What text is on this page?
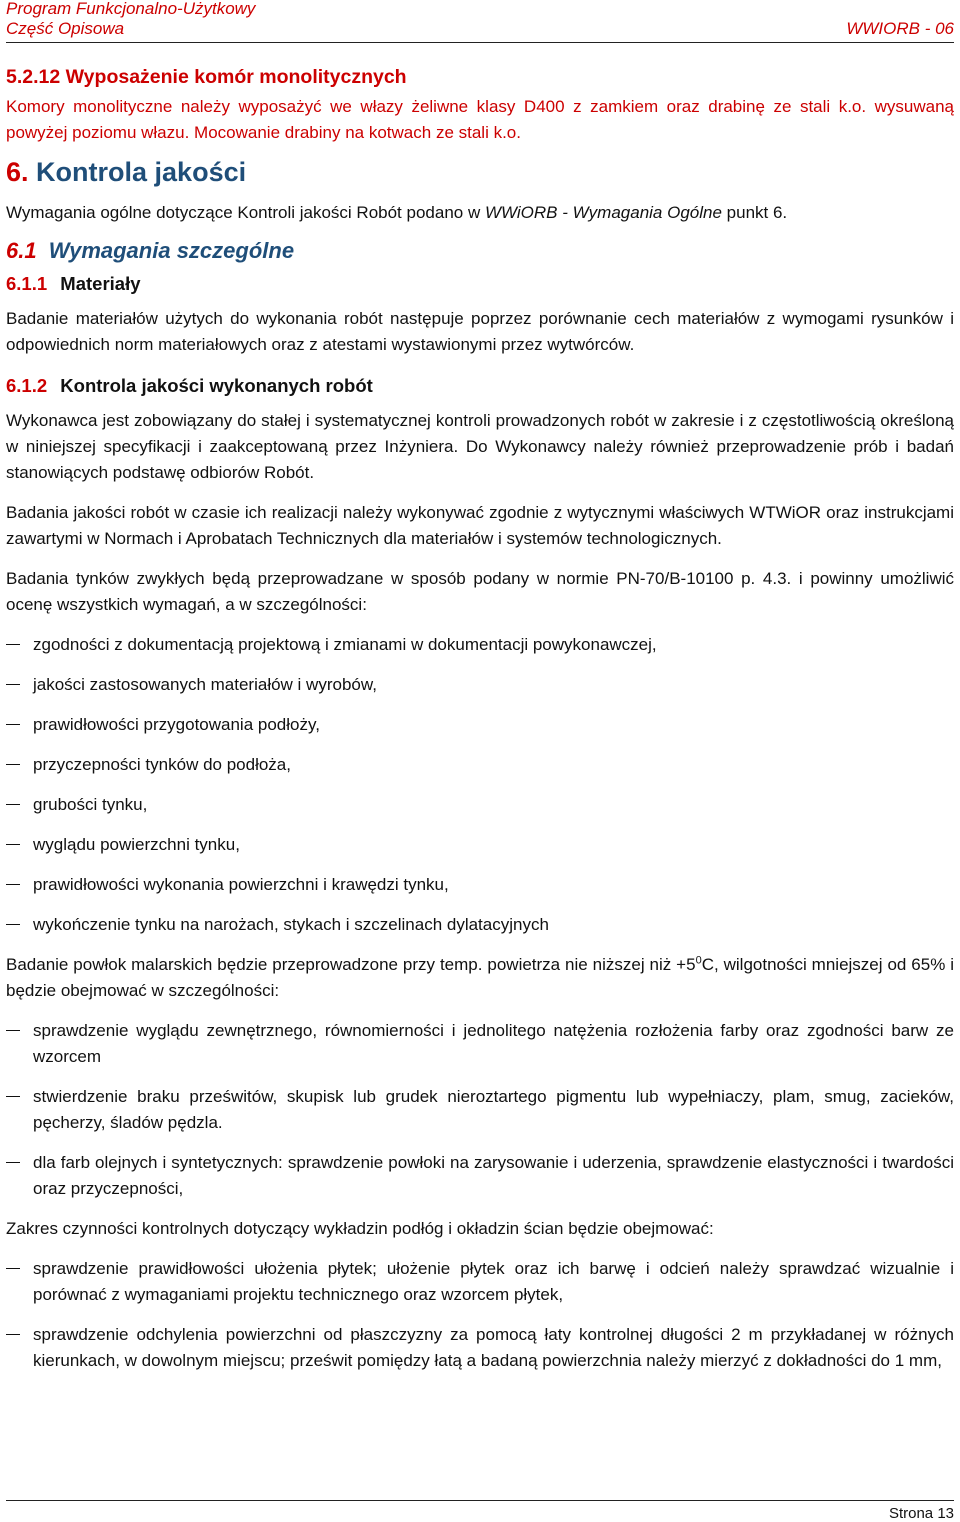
Program Funkcjonalno-Użytkowy
Część Opisowa	WWIORB - 06
5.2.12 Wyposażenie komór monolitycznych

Komory monolityczne należy wyposażyć we włazy żeliwne klasy D400 z zamkiem oraz drabinę ze stali k.o. wysuwaną powyżej poziomu włazu. Mocowanie drabiny na kotwach ze stali k.o.

6. Kontrola jakości

Wymagania ogólne dotyczące Kontroli jakości Robót podano w WWiORB - Wymagania Ogólne punkt 6.

6.1 Wymagania szczególne
6.1.1 Materiały

Badanie materiałów użytych do wykonania robót następuje poprzez porównanie cech materiałów z wymogami rysunków i odpowiednich norm materiałowych oraz z atestami wystawionymi przez wytwórców.

6.1.2 Kontrola jakości wykonanych robót

Wykonawca jest zobowiązany do stałej i systematycznej kontroli prowadzonych robót w zakresie i z częstotliwością określoną w niniejszej specyfikacji i zaakceptowaną przez Inżyniera. Do Wykonawcy należy również przeprowadzenie prób i badań stanowiących podstawę odbiorów Robót.

Badania jakości robót w czasie ich realizacji należy wykonywać zgodnie z wytycznymi właściwych WTWiOR oraz instrukcjami zawartymi w Normach i Aprobatach Technicznych dla materiałów i systemów technologicznych.

Badania tynków zwykłych będą przeprowadzane w sposób podany w normie PN-70/B-10100 p. 4.3. i powinny umożliwić ocenę wszystkich wymagań, a w szczególności:

zgodności z dokumentacją projektową i zmianami w dokumentacji powykonawczej,
jakości zastosowanych materiałów i wyrobów,
prawidłowości przygotowania podłoży,
przyczepności tynków do podłoża,
grubości tynku,
wyglądu powierzchni tynku,
prawidłowości wykonania powierzchni i krawędzi tynku,
wykończenie tynku na narożach, stykach i szczelinach dylatacyjnych

Badanie powłok malarskich będzie przeprowadzone przy temp. powietrza nie niższej niż $+5^0C$, wilgotności mniejszej od 65% i będzie obejmować w szczególności:

sprawdzenie wyglądu zewnętrznego, równomierności i jednolitego natężenia rozłożenia farby oraz zgodności barw ze wzorcem
stwierdzenie braku prześwitów, skupisk lub grudek nieroztartego pigmentu lub wypełniaczy, plam, smug, zacieków, pęcherzy, śladów pędzla.
dla farb olejnych i syntetycznych: sprawdzenie powłoki na zarysowanie i uderzenia, sprawdzenie elastyczności i twardości oraz przyczepności,

Zakres czynności kontrolnych dotyczący wykładzin podłóg i okładzin ścian będzie obejmować:

sprawdzenie prawidłowości ułożenia płytek; ułożenie płytek oraz ich barwę i odcień należy sprawdzać wizualnie i porównać z wymaganiami projektu technicznego oraz wzorcem płytek,
sprawdzenie odchylenia powierzchni od płaszczyzny za pomocą łaty kontrolnej długości 2 m przykładanej w różnych kierunkach, w dowolnym miejscu; prześwit pomiędzy łatą a badaną powierzchnia należy mierzyć z dokładności do 1 mm,
Strona 13
